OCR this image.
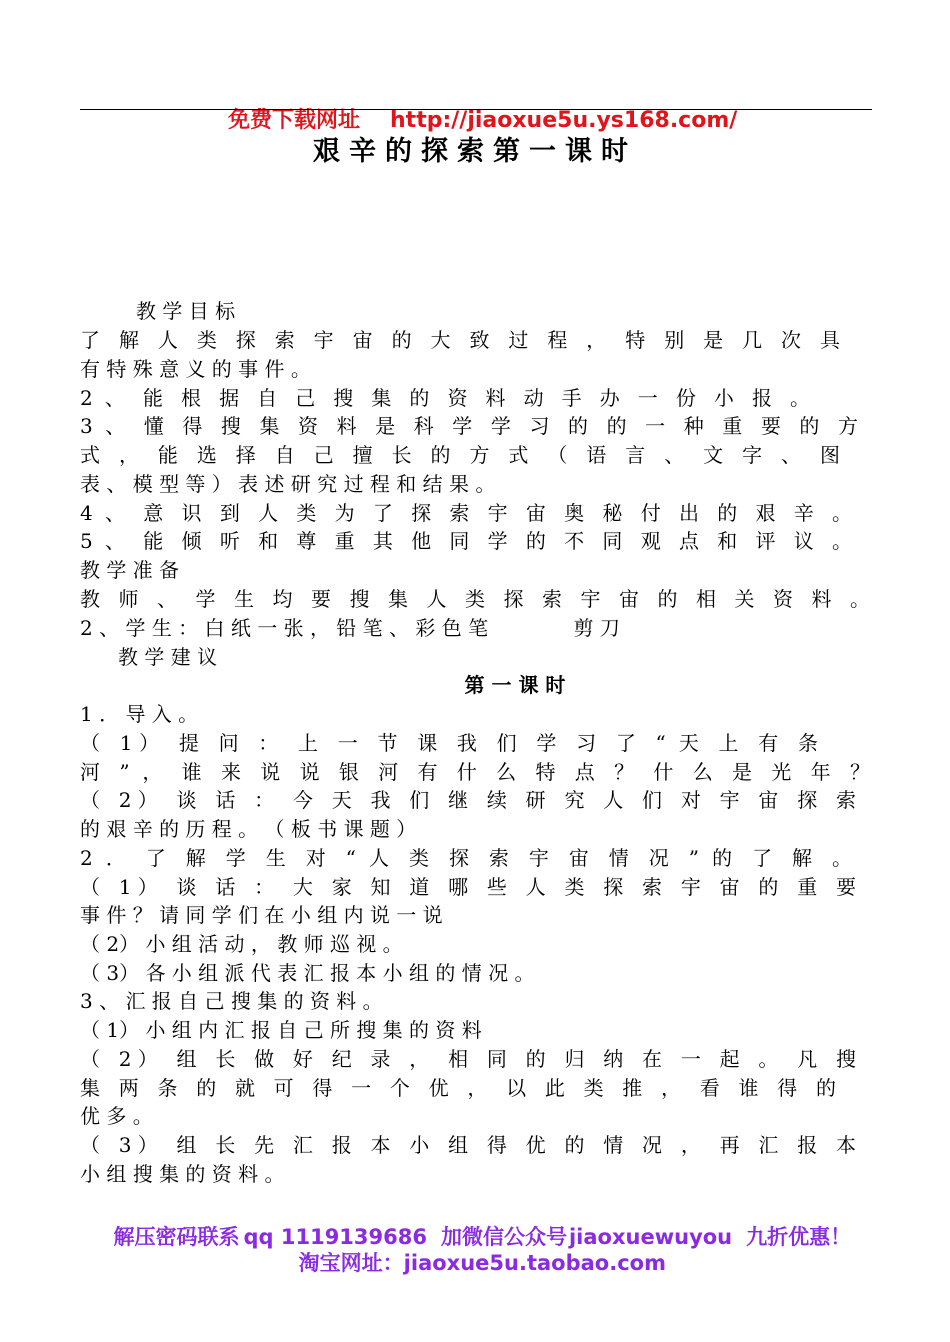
免费下载网址 http://jiaoxue5u.ys168.com/

艰辛的探索第一课时
教 学 目 标
了 解 人 类 探 索 宇 宙 的 大 致 过 程 ， 特 别 是 几 次 具
有 特 殊 意 义 的 事 件 。
2 、 能 根 据 自 己 搜 集 的 资 料 动 手 办 一 份 小 报 。
3 、 懂 得 搜 集 资 料 是 科 学 学 习 的 的 一 种 重 要 的 方
式 ， 能 选 择 自 己 擅 长 的 方 式 （ 语 言 、 文 字 、 图
表 、 模 型 等 ） 表 述 研 究 过 程 和 结 果 。
4 、 意 识 到 人 类 为 了 探 索 宇 宙 奥 秘 付 出 的 艰 辛 。
5 、 能 倾 听 和 尊 重 其 他 同 学 的 不 同 观 点 和 评 议 。
教 学 准 备
教 师 、 学 生 均 要 搜 集 人 类 探 索 宇 宙 的 相 关 资 料 。
2 、 学 生 ： 白 纸 一 张 ， 铅 笔 、 彩 色 笔 　 　 　 剪 刀
教 学 建 议
第 一 课 时
1 ． 导 入 。
（ 1） 提 问 ： 上 一 节 课 我 们 学 习 了 “ 天 上 有 条
河 ” ， 谁 来 说 说 银 河 有 什 么 特 点 ？ 什 么 是 光 年 ？
（ 2） 谈 话 ： 今 天 我 们 继 续 研 究 人 们 对 宇 宙 探 索
的 艰 辛 的 历 程 。 （ 板 书 课 题 ）
2 ． 了 解 学 生 对 “ 人 类 探 索 宇 宙 情 况 ” 的 了 解 。
（ 1） 谈 话 ： 大 家 知 道 哪 些 人 类 探 索 宇 宙 的 重 要
事 件 ？ 请 同 学 们 在 小 组 内 说 一 说
（ 2） 小 组 活 动 ， 教 师 巡 视 。
（ 3） 各 小 组 派 代 表 汇 报 本 小 组 的 情 况 。
3 、 汇 报 自 己 搜 集 的 资 料 。
（ 1） 小 组 内 汇 报 自 己 所 搜 集 的 资 料
（ 2） 组 长 做 好 纪 录 ， 相 同 的 归 纳 在 一 起 。 凡 搜
集 两 条 的 就 可 得 一 个 优 ， 以 此 类 推 ， 看 谁 得 的
优 多 。
（ 3） 组 长 先 汇 报 本 小 组 得 优 的 情 况 ， 再 汇 报 本
小 组 搜 集 的 资 料 。

解压密码联系 qq 1119139686 加微信公众号jiaoxuewuyou 九折优惠！

淘宝网址：jiaoxue5u.taobao.com
